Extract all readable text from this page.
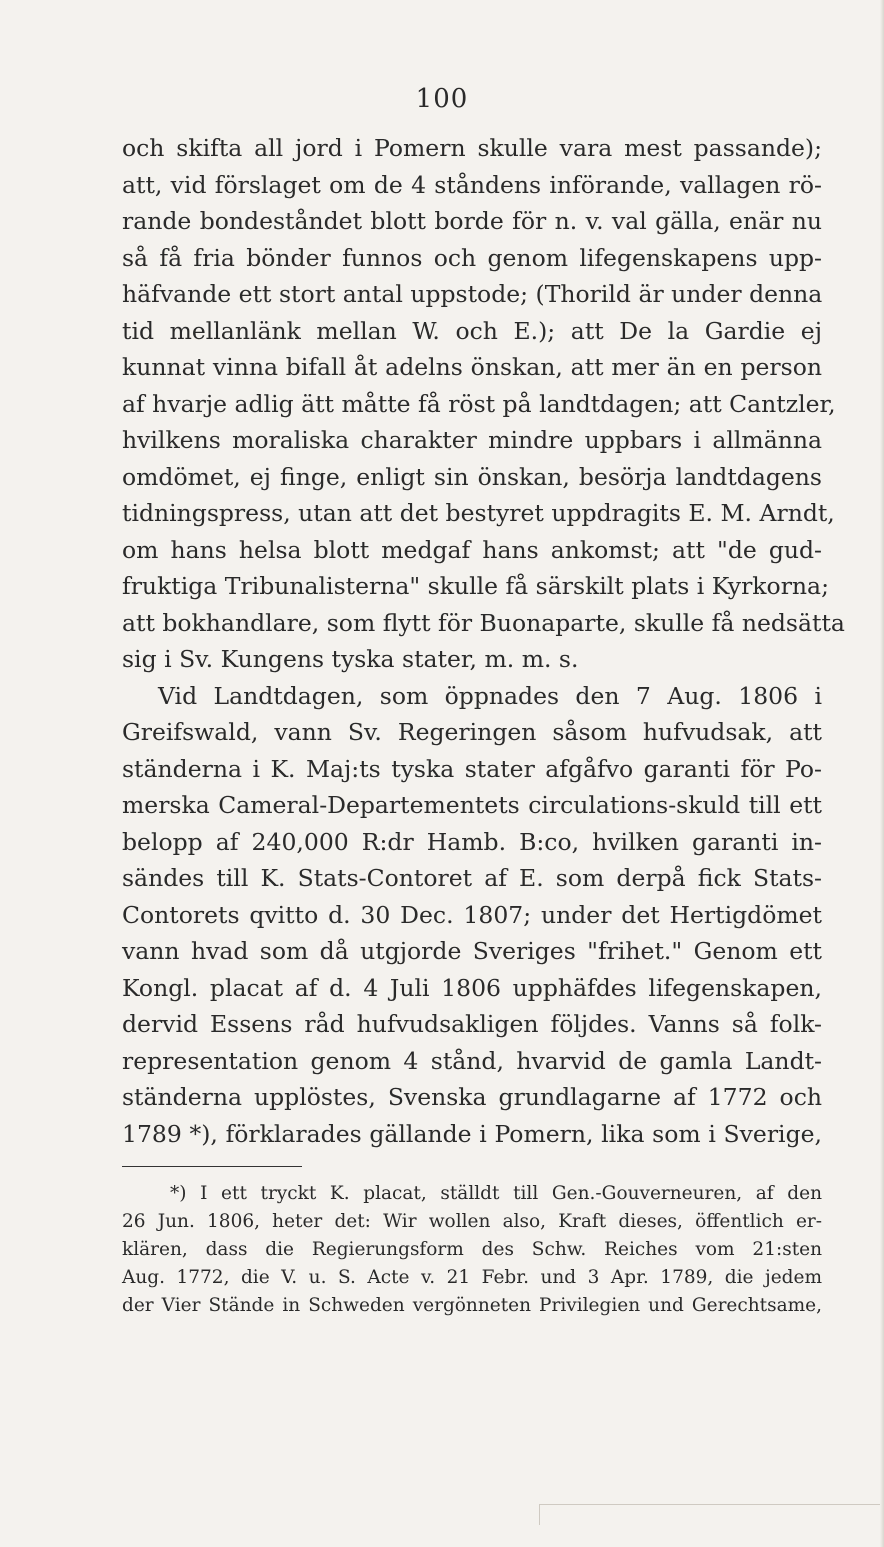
100
och skifta all jord i Pomern skulle vara mest passande);
att, vid förslaget om de 4 ståndens införande, vallagen rö-
rande bondeståndet blott borde för n. v. val gälla, enär nu
så få fria bönder funnos och genom lifegenskapens upp-
häfvande ett stort antal uppstode; (Thorild är under denna
tid mellanlänk mellan W. och E.); att De la Gardie ej
kunnat vinna bifall åt adelns önskan, att mer än en person
af hvarje adlig ätt måtte få röst på landtdagen; att Cantzler,
hvilkens moraliska charakter mindre uppbars i allmänna
omdömet, ej finge, enligt sin önskan, besörja landtdagens
tidningspress, utan att det bestyret uppdragits E. M. Arndt,
om hans helsa blott medgaf hans ankomst; att "de gud-
fruktiga Tribunalisterna" skulle få särskilt plats i Kyrkorna;
att bokhandlare, som flytt för Buonaparte, skulle få nedsätta
sig i Sv. Kungens tyska stater, m. m. s.
Vid Landtdagen, som öppnades den 7 Aug. 1806 i
Greifswald, vann Sv. Regeringen såsom hufvudsak, att
ständerna i K. Maj:ts tyska stater afgåfvo garanti för Po-
merska Cameral-Departementets circulations-skuld till ett
belopp af 240,000 R:dr Hamb. B:co, hvilken garanti in-
sändes till K. Stats-Contoret af E. som derpå fick Stats-
Contorets qvitto d. 30 Dec. 1807; under det Hertigdömet
vann hvad som då utgjorde Sveriges "frihet." Genom ett
Kongl. placat af d. 4 Juli 1806 upphäfdes lifegenskapen,
dervid Essens råd hufvudsakligen följdes. Vanns så folk-
representation genom 4 stånd, hvarvid de gamla Landt-
ständerna upplöstes, Svenska grundlagarne af 1772 och
1789 *), förklarades gällande i Pomern, lika som i Sverige,
*) I ett tryckt K. placat, ställdt till Gen.-Gouverneuren, af den
26 Jun. 1806, heter det: Wir wollen also, Kraft dieses, öffentlich er-
klären, dass die Regierungsform des Schw. Reiches vom 21:sten
Aug. 1772, die V. u. S. Acte v. 21 Febr. und 3 Apr. 1789, die jedem
der Vier Stände in Schweden vergönneten Privilegien und Gerechtsame,
